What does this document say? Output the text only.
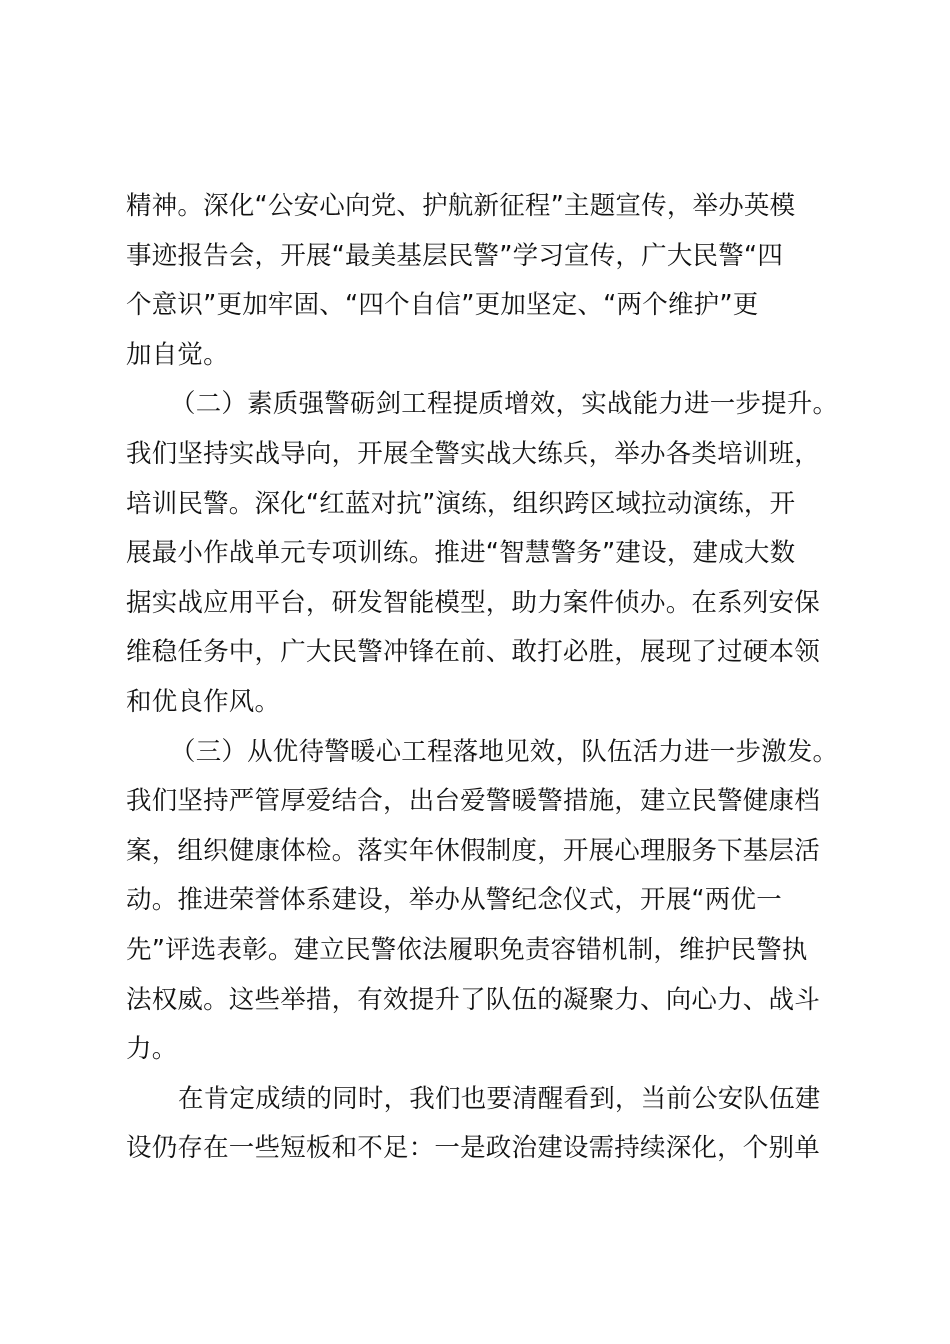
精神。深化“公安心向党、护航新征程”主题宣传，举办英模
事迹报告会，开展“最美基层民警”学习宣传，广大民警“四
个意识”更加牢固、“四个自信”更加坚定、“两个维护”更
加自觉。
（二）素质强警砺剑工程提质增效，实战能力进一步提升。
我们坚持实战导向，开展全警实战大练兵，举办各类培训班，
培训民警。深化“红蓝对抗”演练，组织跨区域拉动演练，开
展最小作战单元专项训练。推进“智慧警务”建设，建成大数
据实战应用平台，研发智能模型，助力案件侦办。在系列安保
维稳任务中，广大民警冲锋在前、敢打必胜，展现了过硬本领
和优良作风。
（三）从优待警暖心工程落地见效，队伍活力进一步激发。
我们坚持严管厚爱结合，出台爱警暖警措施，建立民警健康档
案，组织健康体检。落实年休假制度，开展心理服务下基层活
动。推进荣誉体系建设，举办从警纪念仪式，开展“两优一
先”评选表彰。建立民警依法履职免责容错机制，维护民警执
法权威。这些举措，有效提升了队伍的凝聚力、向心力、战斗
力。
在肯定成绩的同时，我们也要清醒看到，当前公安队伍建
设仍存在一些短板和不足：一是政治建设需持续深化，个别单
